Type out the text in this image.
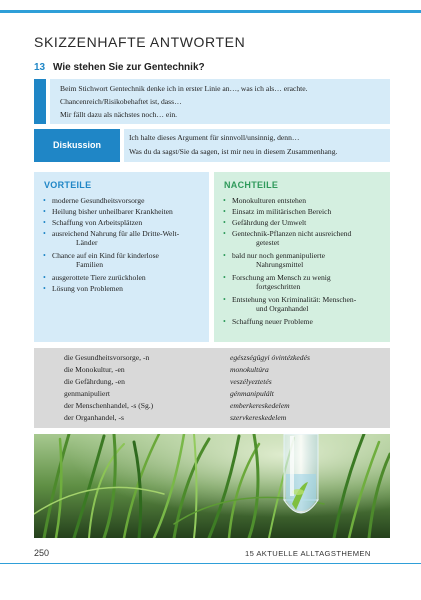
SKIZZENHAFTE ANTWORTEN
13 Wie stehen Sie zur Gentechnik?
Beim Stichwort Gentechnik denke ich in erster Linie an…, was ich als… erachte.
Chancenreich/Risikobehaftet ist, dass…
Mir fällt dazu als nächstes noch… ein.
Diskussion
Ich halte dieses Argument für sinnvoll/unsinnig, denn…
Was du da sagst/Sie da sagen, ist mir neu in diesem Zusammenhang.
VORTEILE
• moderne Gesundheitsvorsorge
• Heilung bisher unheilbarer Krankheiten
• Schaffung von Arbeitsplätzen
• ausreichend Nahrung für alle Dritte-Welt-
Länder
• Chance auf ein Kind für kinderlose
Familien
• ausgerottete Tiere zurückholen
• Lösung von Problemen
NACHTEILE
• Monokulturen entstehen
• Einsatz im militärischen Bereich
• Gefährdung der Umwelt
• Gentechnik-Pflanzen nicht ausreichend
getestet
• bald nur noch genmanipulierte
Nahrungsmittel
• Forschung am Mensch zu wenig
fortgeschritten
• Entstehung von Kriminalität: Menschen-
und Organhandel
• Schaffung neuer Probleme
die Gesundheitsvorsorge, -n	egészségügyi óvintézkedés
die Monokultur, -en	monokultúra
die Gefährdung, -en	veszélyeztetés
genmanipuliert	génmanipulált
der Menschenhandel, -s (Sg.)	emberkereskedelem
der Organhandel, -s	szervkereskedelem
250	15 AKTUELLE ALLTAGSTHEMEN
